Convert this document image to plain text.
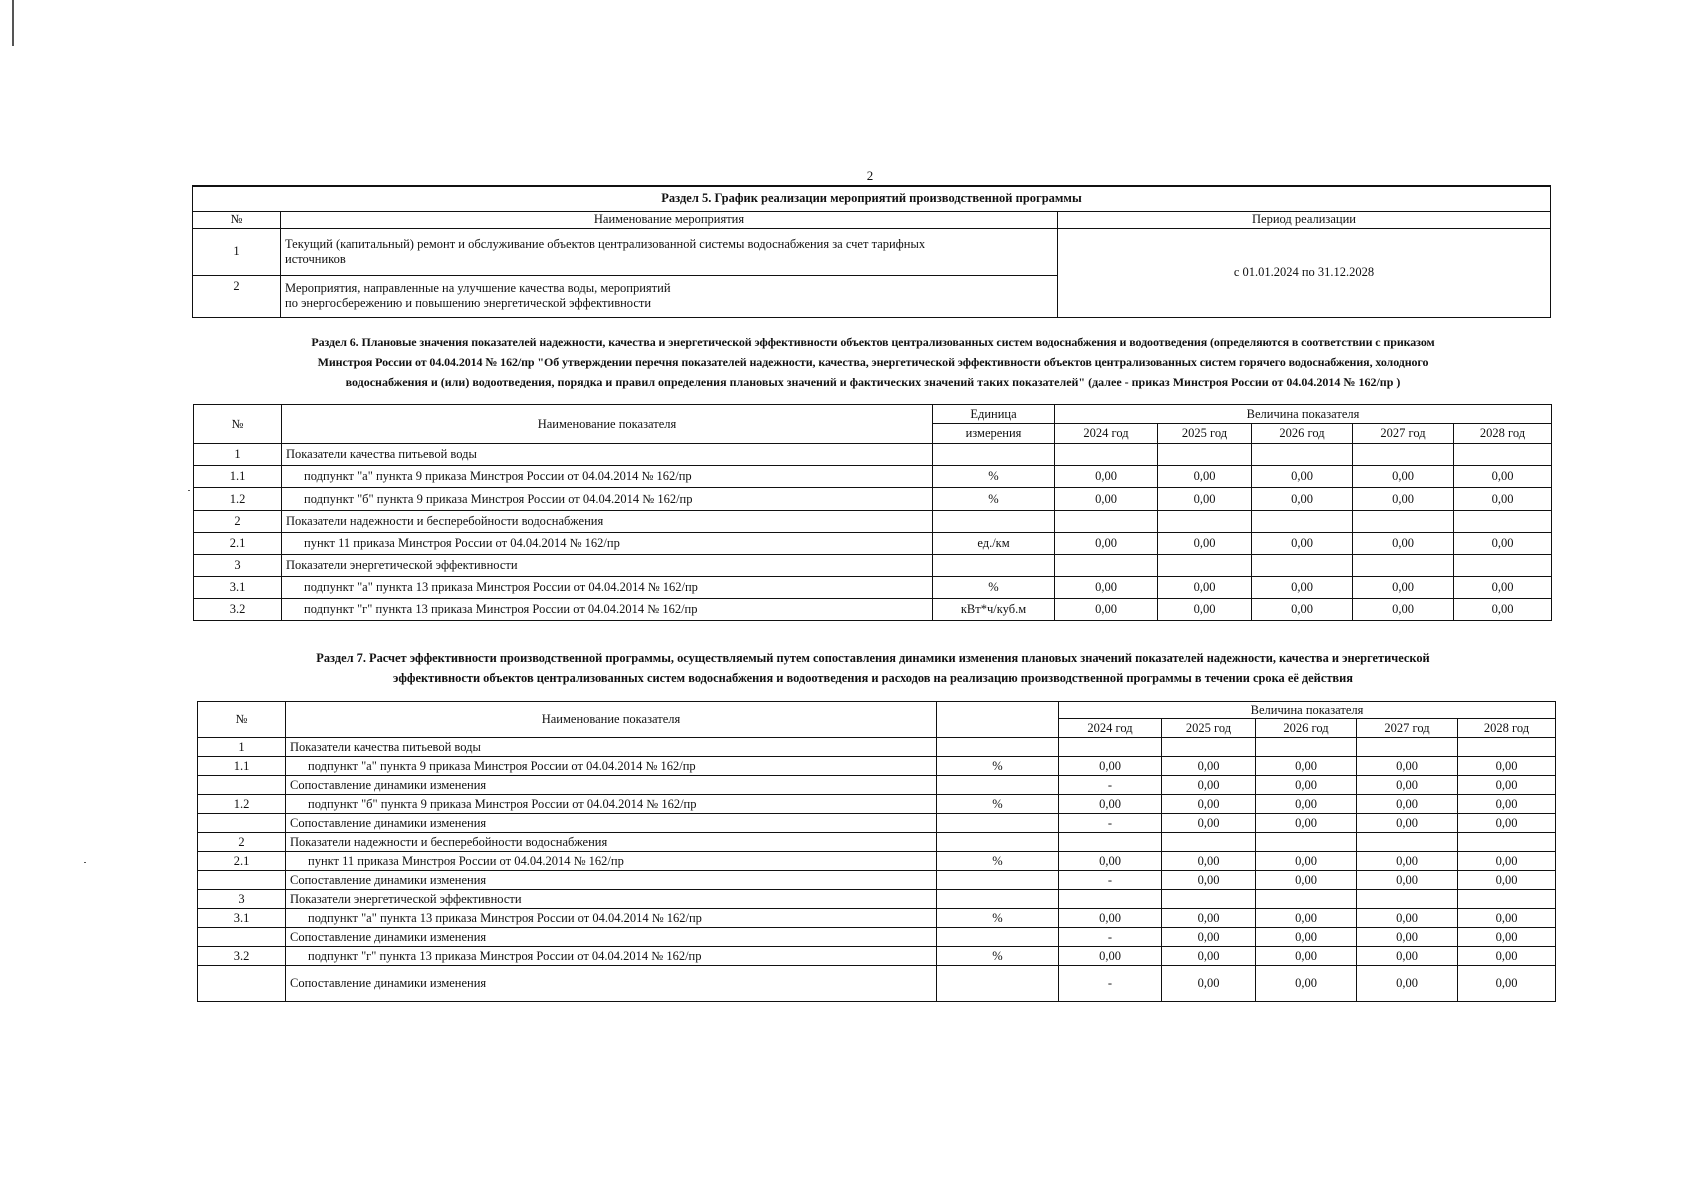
2
Раздел 5. График реализации мероприятий производственной программы		
№	Наименование мероприятия	Период реализации
1	Текущий (капитальный) ремонт и обслуживание объектов централизованной системы водоснабжения за счет тарифных
источников	с 01.01.2024 по 31.12.2028
2	Мероприятия, направленные на улучшение качества воды, мероприятий
по энергосбережению и повышению энергетической эффективности	
Раздел 6. Плановые значения показателей надежности, качества и энергетической эффективности объектов централизованных систем водоснабжения и водоотведения (определяются в соответствии с приказом
Минстроя России от 04.04.2014 № 162/пр "Об утверждении перечня показателей надежности, качества, энергетической эффективности объектов централизованных систем горячего водоснабжения, холодного
водоснабжения и (или) водоотведения, порядка и правил определения плановых значений и фактических значений таких показателей" (далее - приказ Минстроя России от 04.04.2014 № 162/пр )
№	Наименование показателя	Единица	Величина показателя				
		измерения	2024 год	2025 год	2026 год	2027 год	2028 год
1	Показатели качества питьевой воды						
1.1	подпункт "а" пункта 9 приказа Минстроя России от 04.04.2014 № 162/пр	%	0,00	0,00	0,00	0,00	0,00
1.2	подпункт "б" пункта 9 приказа Минстроя России от 04.04.2014 № 162/пр	%	0,00	0,00	0,00	0,00	0,00
2	Показатели надежности и бесперебойности водоснабжения						
2.1	пункт 11 приказа Минстроя России от 04.04.2014 № 162/пр	ед./км	0,00	0,00	0,00	0,00	0,00
3	Показатели энергетической эффективности						
3.1	подпункт "а" пункта 13 приказа Минстроя России от 04.04.2014 № 162/пр	%	0,00	0,00	0,00	0,00	0,00
3.2	подпункт "г" пункта 13 приказа Минстроя России от 04.04.2014 № 162/пр	кВт*ч/куб.м	0,00	0,00	0,00	0,00	0,00
Раздел 7. Расчет эффективности производственной программы, осуществляемый путем сопоставления динамики изменения плановых значений показателей надежности, качества и энергетической
эффективности объектов централизованных систем водоснабжения и водоотведения и расходов на реализацию производственной программы в течении срока её действия
№	Наименование показателя		Величина показателя				
			2024 год	2025 год	2026 год	2027 год	2028 год
1	Показатели качества питьевой воды						
1.1	подпункт "а" пункта 9 приказа Минстроя России от 04.04.2014 № 162/пр	%	0,00	0,00	0,00	0,00	0,00
	Сопоставление динамики изменения		-	0,00	0,00	0,00	0,00
1.2	подпункт "б" пункта 9 приказа Минстроя России от 04.04.2014 № 162/пр	%	0,00	0,00	0,00	0,00	0,00
	Сопоставление динамики изменения		-	0,00	0,00	0,00	0,00
2	Показатели надежности и бесперебойности водоснабжения						
2.1	пункт 11 приказа Минстроя России от 04.04.2014 № 162/пр	%	0,00	0,00	0,00	0,00	0,00
	Сопоставление динамики изменения		-	0,00	0,00	0,00	0,00
3	Показатели энергетической эффективности						
3.1	подпункт "а" пункта 13 приказа Минстроя России от 04.04.2014 № 162/пр	%	0,00	0,00	0,00	0,00	0,00
	Сопоставление динамики изменения		-	0,00	0,00	0,00	0,00
3.2	подпункт "г" пункта 13 приказа Минстроя России от 04.04.2014 № 162/пр	%	0,00	0,00	0,00	0,00	0,00
	Сопоставление динамики изменения		-	0,00	0,00	0,00	0,00
